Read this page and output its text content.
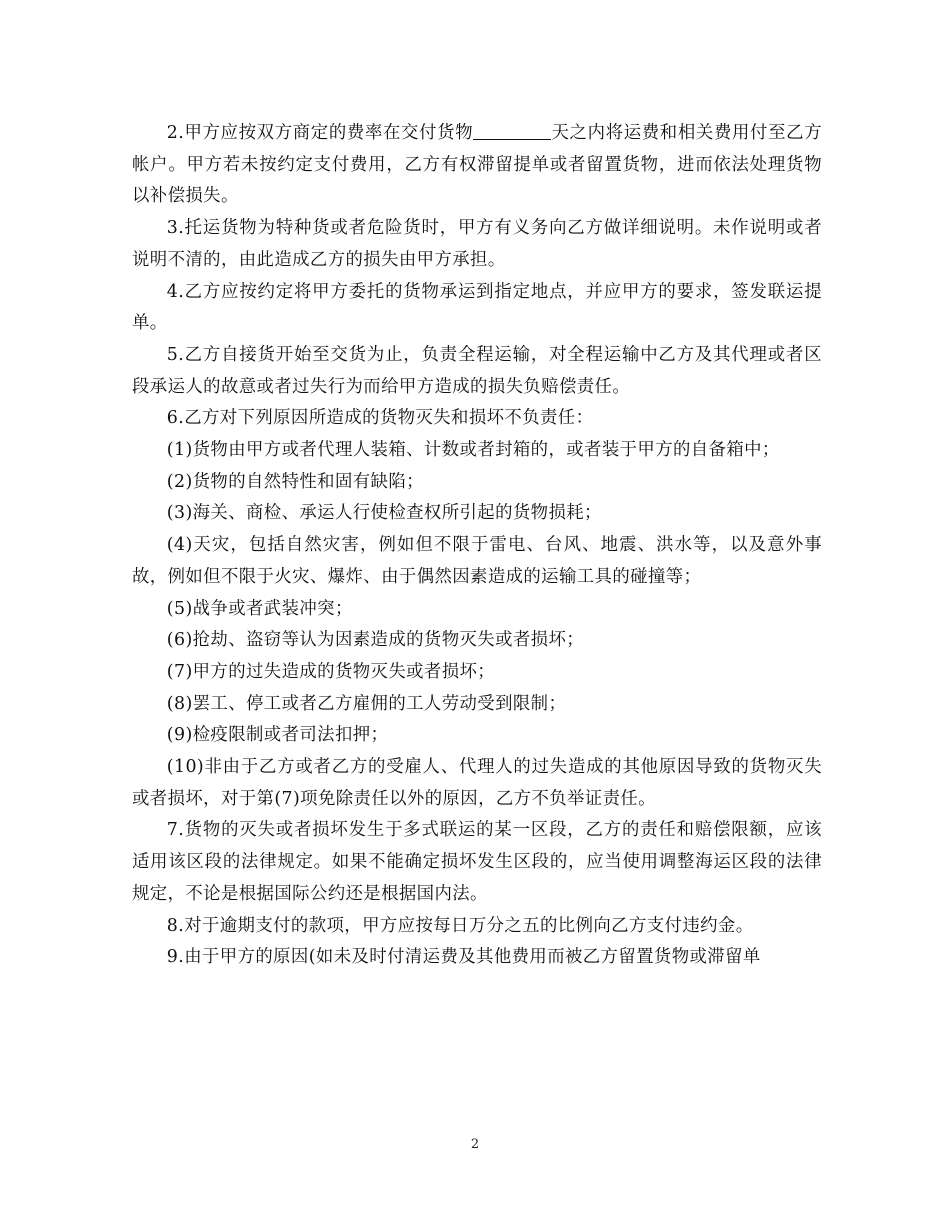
2.甲方应按双方商定的费率在交付货物	天之内将运费和相关费用付至乙方帐户。甲方若未按约定支付费用，乙方有权滞留提单或者留置货物，进而依法处理货物以补偿损失。

3.托运货物为特种货或者危险货时，甲方有义务向乙方做详细说明。未作说明或者说明不清的，由此造成乙方的损失由甲方承担。

4.乙方应按约定将甲方委托的货物承运到指定地点，并应甲方的要求，签发联运提单。

5.乙方自接货开始至交货为止，负责全程运输，对全程运输中乙方及其代理或者区段承运人的故意或者过失行为而给甲方造成的损失负赔偿责任。

6.乙方对下列原因所造成的货物灭失和损坏不负责任：

(1)货物由甲方或者代理人装箱、计数或者封箱的，或者装于甲方的自备箱中；

(2)货物的自然特性和固有缺陷；

(3)海关、商检、承运人行使检查权所引起的货物损耗；

(4)天灾，包括自然灾害，例如但不限于雷电、台风、地震、洪水等，以及意外事故，例如但不限于火灾、爆炸、由于偶然因素造成的运输工具的碰撞等；

(5)战争或者武装冲突；

(6)抢劫、盗窃等认为因素造成的货物灭失或者损坏；

(7)甲方的过失造成的货物灭失或者损坏；

(8)罢工、停工或者乙方雇佣的工人劳动受到限制；

(9)检疫限制或者司法扣押；

(10)非由于乙方或者乙方的受雇人、代理人的过失造成的其他原因导致的货物灭失或者损坏，对于第(7)项免除责任以外的原因，乙方不负举证责任。

7.货物的灭失或者损坏发生于多式联运的某一区段，乙方的责任和赔偿限额，应该适用该区段的法律规定。如果不能确定损坏发生区段的，应当使用调整海运区段的法律规定，不论是根据国际公约还是根据国内法。

8.对于逾期支付的款项，甲方应按每日万分之五的比例向乙方支付违约金。

9.由于甲方的原因(如未及时付清运费及其他费用而被乙方留置货物或滞留单

2
